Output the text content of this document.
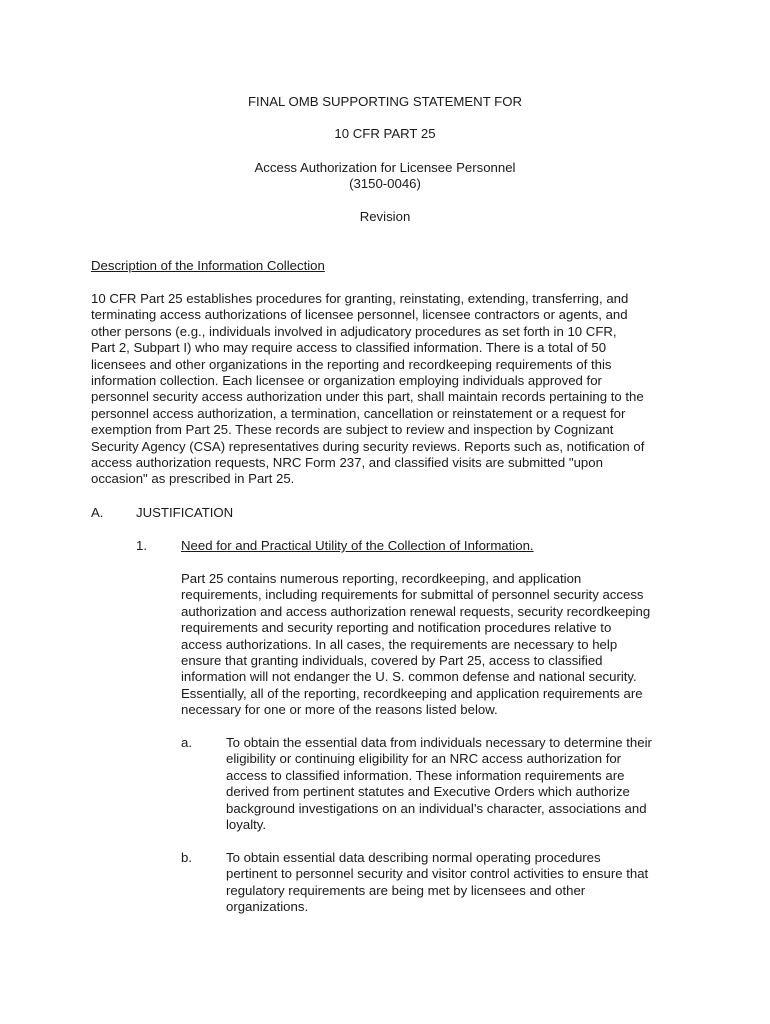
FINAL OMB SUPPORTING STATEMENT FOR
10 CFR PART 25
Access Authorization for Licensee Personnel
(3150-0046)
Revision
Description of the Information Collection

10 CFR Part 25 establishes procedures for granting, reinstating, extending, transferring, and

terminating access authorizations of licensee personnel, licensee contractors or agents, and

other persons (e.g., individuals involved in adjudicatory procedures as set forth in 10 CFR,

Part 2, Subpart I) who may require access to classified information. There is a total of 50

licensees and other organizations in the reporting and recordkeeping requirements of this

information collection. Each licensee or organization employing individuals approved for

personnel security access authorization under this part, shall maintain records pertaining to the

personnel access authorization, a termination, cancellation or reinstatement or a request for

exemption from Part 25. These records are subject to review and inspection by Cognizant

Security Agency (CSA) representatives during security reviews. Reports such as, notification of

access authorization requests, NRC Form 237, and classified visits are submitted "upon

occasion" as prescribed in Part 25.

A. JUSTIFICATION
1.	Need for and Practical Utility of the Collection of Information.

Part 25 contains numerous reporting, recordkeeping, and application

requirements, including requirements for submittal of personnel security access

authorization and access authorization renewal requests, security recordkeeping

requirements and security reporting and notification procedures relative to

access authorizations. In all cases, the requirements are necessary to help

ensure that granting individuals, covered by Part 25, access to classified

information will not endanger the U. S. common defense and national security.

Essentially, all of the reporting, recordkeeping and application requirements are

necessary for one or more of the reasons listed below.

a.	To obtain the essential data from individuals necessary to determine their

eligibility or continuing eligibility for an NRC access authorization for

access to classified information. These information requirements are

derived from pertinent statutes and Executive Orders which authorize

background investigations on an individual’s character, associations and

loyalty.

b.	To obtain essential data describing normal operating procedures

pertinent to personnel security and visitor control activities to ensure that

regulatory requirements are being met by licensees and other

organizations.
